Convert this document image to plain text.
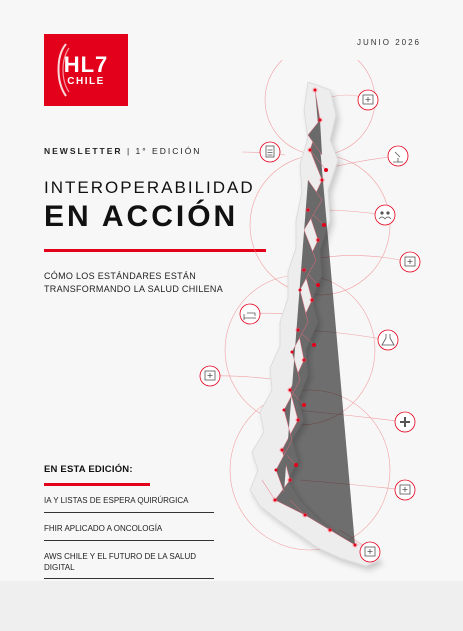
HL7
CHILE
JUNIO 2026
NEWSLETTER | 1° EDICIÓN
INTEROPERABILIDAD
EN ACCIÓN
CÓMO LOS ESTÁNDARES ESTÁN
TRANSFORMANDO LA SALUD CHILENA
EN ESTA EDICIÓN:
IA Y LISTAS DE ESPERA QUIRÚRGICA
FHIR APLICADO A ONCOLOGÍA
AWS CHILE Y EL FUTURO DE LA SALUD
DIGITAL
